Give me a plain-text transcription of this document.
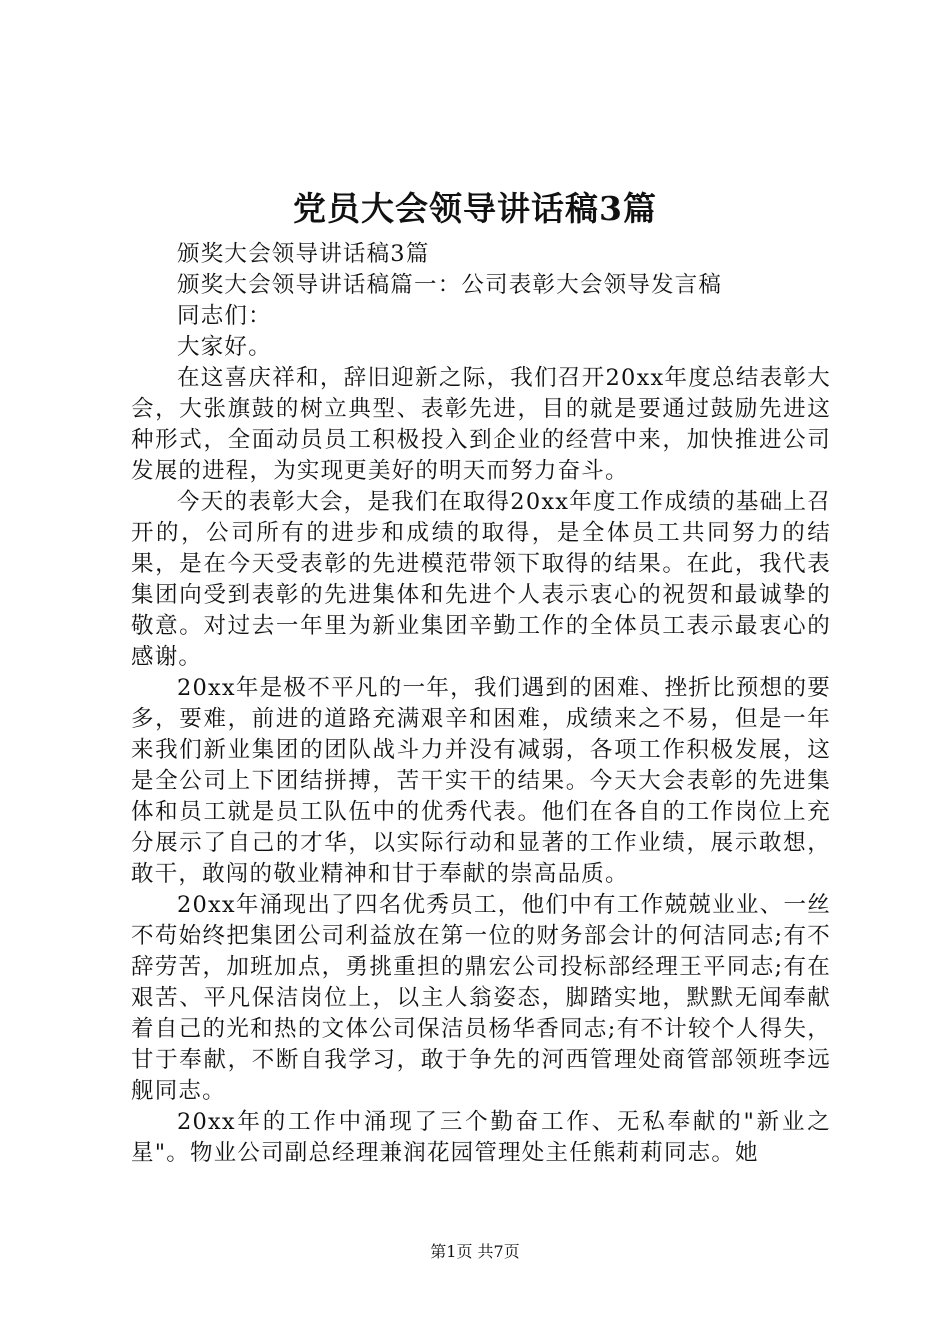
党员大会领导讲话稿3篇

颁奖大会领导讲话稿3篇

颁奖大会领导讲话稿篇一：公司表彰大会领导发言稿

同志们：

大家好。

在这喜庆祥和，辞旧迎新之际，我们召开20xx年度总结表彰大会，大张旗鼓的树立典型、表彰先进，目的就是要通过鼓励先进这种形式，全面动员员工积极投入到企业的经营中来，加快推进公司发展的进程，为实现更美好的明天而努力奋斗。

今天的表彰大会，是我们在取得20xx年度工作成绩的基础上召开的，公司所有的进步和成绩的取得，是全体员工共同努力的结果，是在今天受表彰的先进模范带领下取得的结果。在此，我代表集团向受到表彰的先进集体和先进个人表示衷心的祝贺和最诚挚的敬意。对过去一年里为新业集团辛勤工作的全体员工表示最衷心的感谢。

20xx年是极不平凡的一年，我们遇到的困难、挫折比预想的要多，要难，前进的道路充满艰辛和困难，成绩来之不易，但是一年来我们新业集团的团队战斗力并没有减弱，各项工作积极发展，这是全公司上下团结拼搏，苦干实干的结果。今天大会表彰的先进集体和员工就是员工队伍中的优秀代表。他们在各自的工作岗位上充分展示了自己的才华，以实际行动和显著的工作业绩，展示敢想，敢干，敢闯的敬业精神和甘于奉献的崇高品质。

20xx年涌现出了四名优秀员工，他们中有工作兢兢业业、一丝不苟始终把集团公司利益放在第一位的财务部会计的何洁同志;有不辞劳苦，加班加点，勇挑重担的鼎宏公司投标部经理王平同志;有在艰苦、平凡保洁岗位上，以主人翁姿态，脚踏实地，默默无闻奉献着自己的光和热的文体公司保洁员杨华香同志;有不计较个人得失，甘于奉献，不断自我学习，敢于争先的河西管理处商管部领班李远舰同志。

20xx年的工作中涌现了三个勤奋工作、无私奉献的"新业之星"。物业公司副总经理兼润花园管理处主任熊莉莉同志。她

第1页 共7页
